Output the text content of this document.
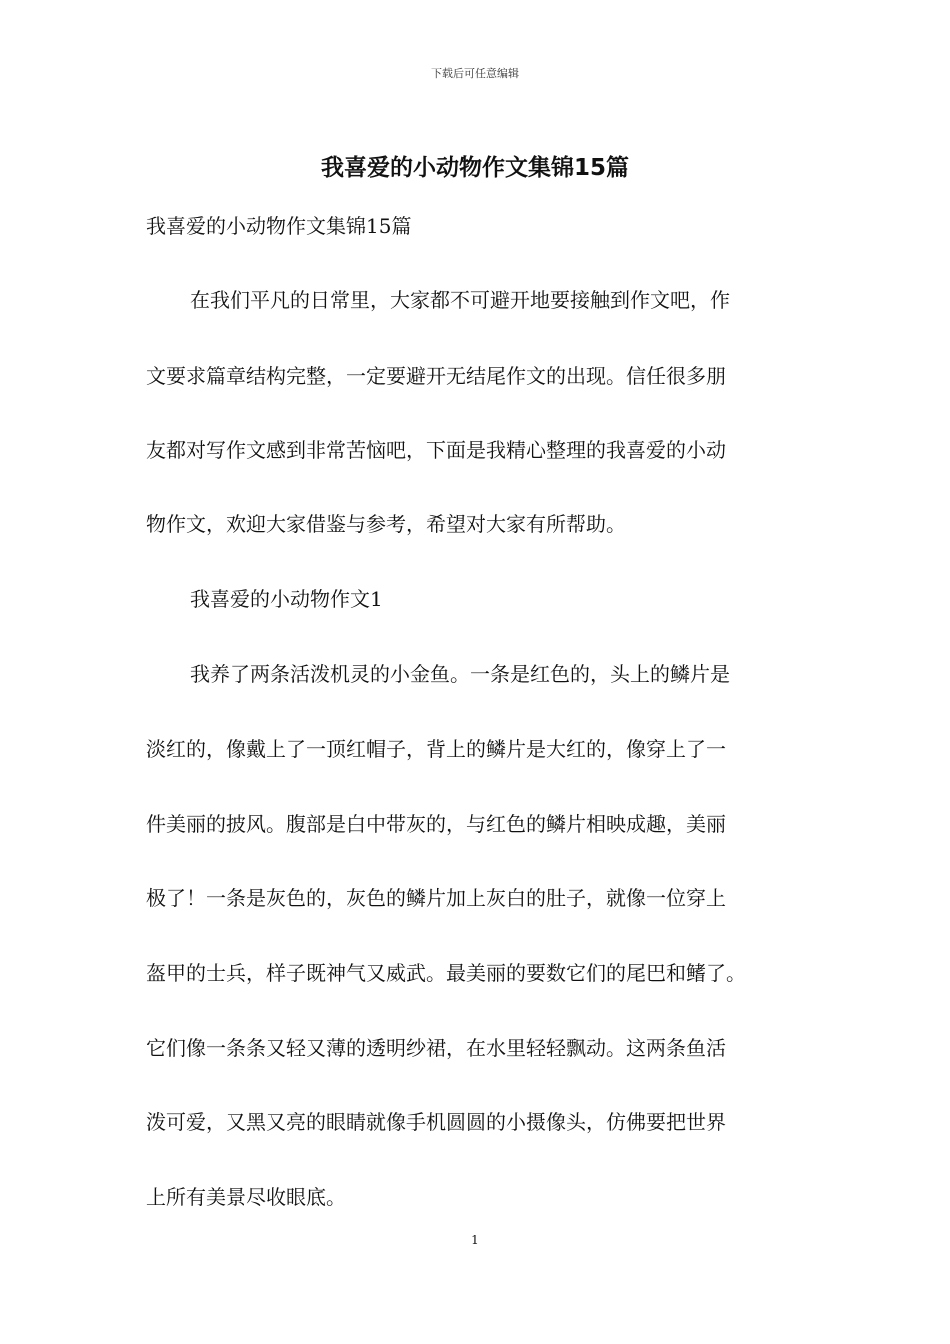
下载后可任意编辑
我喜爱的小动物作文集锦15篇

我喜爱的小动物作文集锦15篇

在我们平凡的日常里，大家都不可避开地要接触到作文吧，作

文要求篇章结构完整，一定要避开无结尾作文的出现。信任很多朋

友都对写作文感到非常苦恼吧，下面是我精心整理的我喜爱的小动

物作文，欢迎大家借鉴与参考，希望对大家有所帮助。

我喜爱的小动物作文1

我养了两条活泼机灵的小金鱼。一条是红色的，头上的鳞片是

淡红的，像戴上了一顶红帽子，背上的鳞片是大红的，像穿上了一

件美丽的披风。腹部是白中带灰的，与红色的鳞片相映成趣，美丽

极了！一条是灰色的，灰色的鳞片加上灰白的肚子，就像一位穿上

盔甲的士兵，样子既神气又威武。最美丽的要数它们的尾巴和鳍了。

它们像一条条又轻又薄的透明纱裙，在水里轻轻飘动。这两条鱼活

泼可爱，又黑又亮的眼睛就像手机圆圆的小摄像头，仿佛要把世界

上所有美景尽收眼底。

1
